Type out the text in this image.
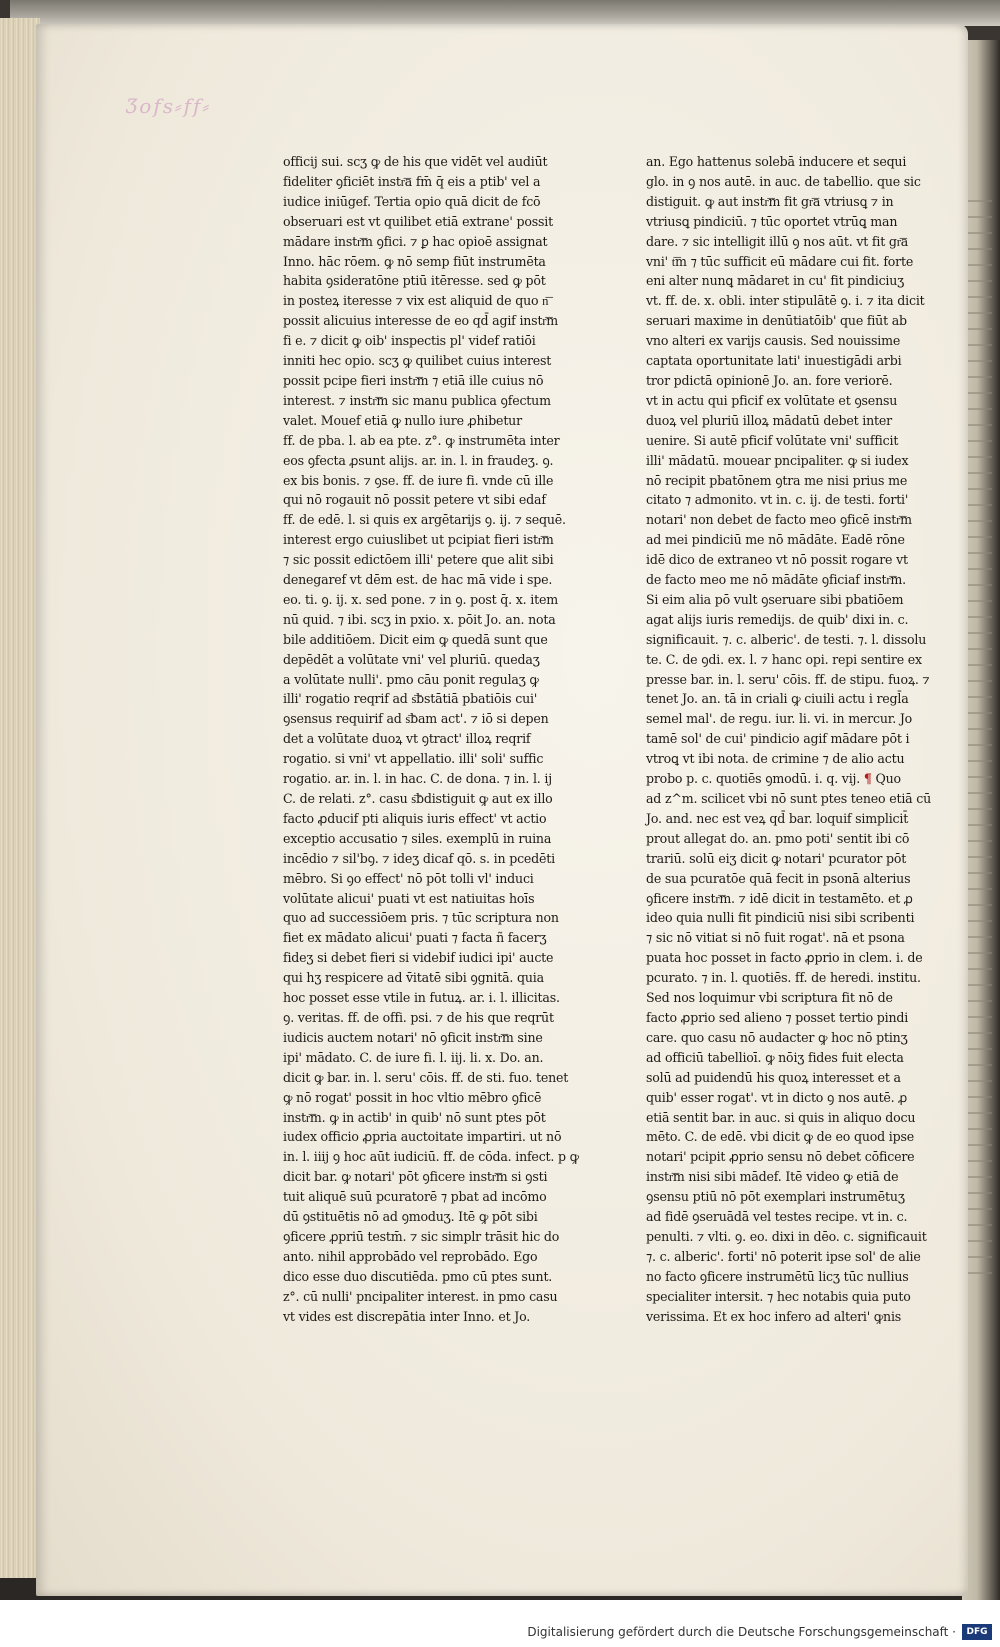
Ʒofs⸗ff⸗
officij sui. scʒ ꝙ de his que vidēt vel audiūt
fideliter ꝯficiēt instr͞a fm̄ q̄ eis a ptib' vel a
iudice iniūgef. Tertia opio quā dicit de fcō
obseruari est vt quilibet etiā extrane' possit
mādare instr͞m ꝯfici. ⁊ ꝑ hac opioē assignat
Inno. hāc rōem. ꝙ nō semp fiūt instrumēta
habita ꝯsideratōne ptiū itēresse. sed ꝙ pōt
in posteꝝ iteresse ⁊ vix est aliquid de quo n͞
possit alicuius interesse de eo qd̄ agif instr͞m
fi e. ⁊ dicit ꝙ oib' inspectis pl' videf ratiōi
inniti hec opio. scʒ ꝙ quilibet cuius interest
possit pcipe fieri instr͞m ⁊ etiā ille cuius nō
interest. ⁊ instr͞m sic manu publica ꝯfectum
valet. Mouef etiā ꝙ nullo iure ꝓhibetur
ff. de pba. l. ab ea pte. z°. ꝙ instrumēta inter
eos ꝯfecta ꝓsunt alijs. ar. in. l. in fraudeʒ. ꝯ.
ex bis bonis. ⁊ ꝯse. ff. de iure fi. vnde cū ille
qui nō rogauit nō possit petere vt sibi edaf
ff. de edē. l. si quis ex argētarijs ꝯ. ij. ⁊ sequē.
interest ergo cuiuslibet ut pcipiat fieri istr͞m
⁊ sic possit edictōem illi' petere que alit sibi
denegaref vt dēm est. de hac mā vide i spe.
eo. ti. ꝯ. ij. x. sed pone. ⁊ in ꝯ. post q̄. x. item
nū quid. ⁊ ibi. scʒ in pxio. x. pōit Jo. an. nota
bile additiōem. Dicit eim ꝙ quedā sunt que
depēdēt a volūtate vni' vel pluriū. quedaʒ
a volūtate nulli'. pmo cāu ponit regulaʒ ꝙ
illi' rogatio reqrif ad s͞bstātiā pbatiōis cui'
ꝯsensus requirif ad s͞bam act'. ⁊ iō si depen
det a volūtate duoꝝ vt ꝯtract' illoꝝ reqrif
rogatio. si vni' vt appellatio. illi' soli' suffic
rogatio. ar. in. l. in hac. C. de dona. ⁊ in. l. ij
C. de relati. z°. casu s͞bdistiguit ꝙ aut ex illo
facto ꝓducif pti aliquis iuris effect' vt actio
exceptio accusatio ⁊ siles. exemplū in ruina
incēdio ⁊ sil'bꝯ. ⁊ ideʒ dicaf qō. s. in pcedēti
mēbro. Si ꝯo effect' nō pōt tolli vl' induci
volūtate alicui' puati vt est natiuitas hoīs
quo ad successiōem pris. ⁊ tūc scriptura non
fiet ex mādato alicui' puati ⁊ facta ñ facerʒ
fideʒ si debet fieri si videbif iudici ipi' aucte
qui hʒ respicere ad v̄itatē sibi ꝯgnitā. quia
hoc posset esse vtile in futuꝝ. ar. i. l. illicitas.
ꝯ. veritas. ff. de offi. psi. ⁊ de his que reqrūt
iudicis auctem notari' nō ꝯficit instr͞m sine
ipi' mādato. C. de iure fi. l. iij. li. x. Do. an.
dicit ꝙ bar. in. l. seru' cōis. ff. de sti. fuo. tenet
ꝙ nō rogat' possit in hoc vltio mēbro ꝯficē
instr͞m. ꝙ in actib' in quib' nō sunt ptes pōt
iudex officio ꝓpria auctoitate impartiri. ut nō
in. l. iiij ꝯ hoc aūt iudiciū. ff. de cōda. infect. p ꝙ
dicit bar. ꝙ notari' pōt ꝯficere instr͞m si ꝯsti
tuit aliquē suū pcuratorē ⁊ pbat ad incōmo
dū ꝯstituētis nō ad ꝯmoduʒ. Itē ꝙ pōt sibi
ꝯficere ꝓpriū testm̄. ⁊ sic simplr trāsit hic do
anto. nihil approbādo vel reprobādo. Ego
dico esse duo discutiēda. pmo cū ptes sunt.
z°. cū nulli' pncipaliter interest. in pmo casu
vt vides est discrepātia inter Inno. et Jo.
an. Ego hattenus solebā inducere et sequi
glo. in ꝯ nos autē. in auc. de tabellio. que sic
distiguit. ꝙ aut instr͞m fit gr͞a vtriusꝗ ⁊ in
vtriusꝗ pindiciū. ⁊ tūc oportet vtrūꝗ man
dare. ⁊ sic intelligit illū ꝯ nos aūt. vt fit gr͞a
vni' t͞m ⁊ tūc sufficit eū mādare cui fit. forte
eni alter nunꝗ mādaret in cu' fit pindiciuʒ
vt. ff. de. x. obli. inter stipulātē ꝯ. i. ⁊ ita dicit
seruari maxime in denūtiatōib' que fiūt ab
vno alteri ex varijs causis. Sed nouissime
captata oportunitate lati' inuestigādi arbi
tror pdictā opinionē Jo. an. fore veriorē.
vt in actu qui pficif ex volūtate et ꝯsensu
duoꝝ vel pluriū illoꝝ mādatū debet inter
uenire. Si autē pficif volūtate vni' sufficit
illi' mādatū. mouear pncipaliter. ꝙ si iudex
nō recipit pbatōnem ꝯtra me nisi prius me
citato ⁊ admonito. vt in. c. ij. de testi. forti'
notari' non debet de facto meo ꝯficē instr͞m
ad mei pindiciū me nō mādāte. Eadē rōne
idē dico de extraneo vt nō possit rogare vt
de facto meo me nō mādāte ꝯficiaf instr͞m.
Si eim alia pō vult ꝯseruare sibi pbatiōem
agat alijs iuris remedijs. de quib' dixi in. c.
significauit. ⁊. c. alberic'. de testi. ⁊. l. dissolu
te. C. de ꝯdi. ex. l. ⁊ hanc opi. repi sentire ex
presse bar. in. l. seru' cōis. ff. de stipu. fuoꝝ. ⁊
tenet Jo. an. tā in criali ꝙ ciuili actu i regl̄a
semel mal'. de regu. iur. li. vi. in mercur. Jo
tamē sol' de cui' pindicio agif mādare pōt i
vtroꝗ vt ibi nota. de crimine ⁊ de alio actu
probo p. c. quotiēs ꝯmodū. i. q. vij. ¶ Quo
ad z^m. scilicet vbi nō sunt ptes teneo etiā cū
Jo. and. nec est veꝝ qd̄ bar. loquif simplicit̄
prout allegat do. an. pmo poti' sentit ibi cō
trariū. solū eiʒ dicit ꝙ notari' pcurator pōt
de sua pcuratōe quā fecit in psonā alterius
ꝯficere instr͞m. ⁊ idē dicit in testamēto. et ꝓ
ideo quia nulli fit pindiciū nisi sibi scribenti
⁊ sic nō vitiat si nō fuit rogat'. nā et psona
puata hoc posset in facto ꝓprio in clem. i. de
pcurato. ⁊ in. l. quotiēs. ff. de heredi. institu.
Sed nos loquimur vbi scriptura fit nō de
facto ꝓprio sed alieno ⁊ posset tertio pindi
care. quo casu nō audacter ꝙ hoc nō ptinʒ
ad officiū tabellioī. ꝙ nōiʒ fides fuit electa
solū ad puidendū his quoꝝ interesset et a
quib' esser rogat'. vt in dicto ꝯ nos autē. ꝓ
etiā sentit bar. in auc. si quis in aliquo docu
mēto. C. de edē. vbi dicit ꝙ de eo quod ipse
notari' pcipit ꝓprio sensu nō debet cōficere
instr͞m nisi sibi mādef. Itē video ꝙ etiā de
ꝯsensu ptiū nō pōt exemplari instrumētuʒ
ad fidē ꝯseruādā vel testes recipe. vt in. c.
penulti. ⁊ vlti. ꝯ. eo. dixi in dēo. c. significauit
⁊. c. alberic'. forti' nō poterit ipse sol' de alie
no facto ꝯficere instrumētū licʒ tūc nullius
specialiter intersit. ⁊ hec notabis quia puto
verissima. Et ex hoc infero ad alteri' ꝙnis
Digitalisierung gefördert durch die Deutsche Forschungsgemeinschaft ·	DFG
